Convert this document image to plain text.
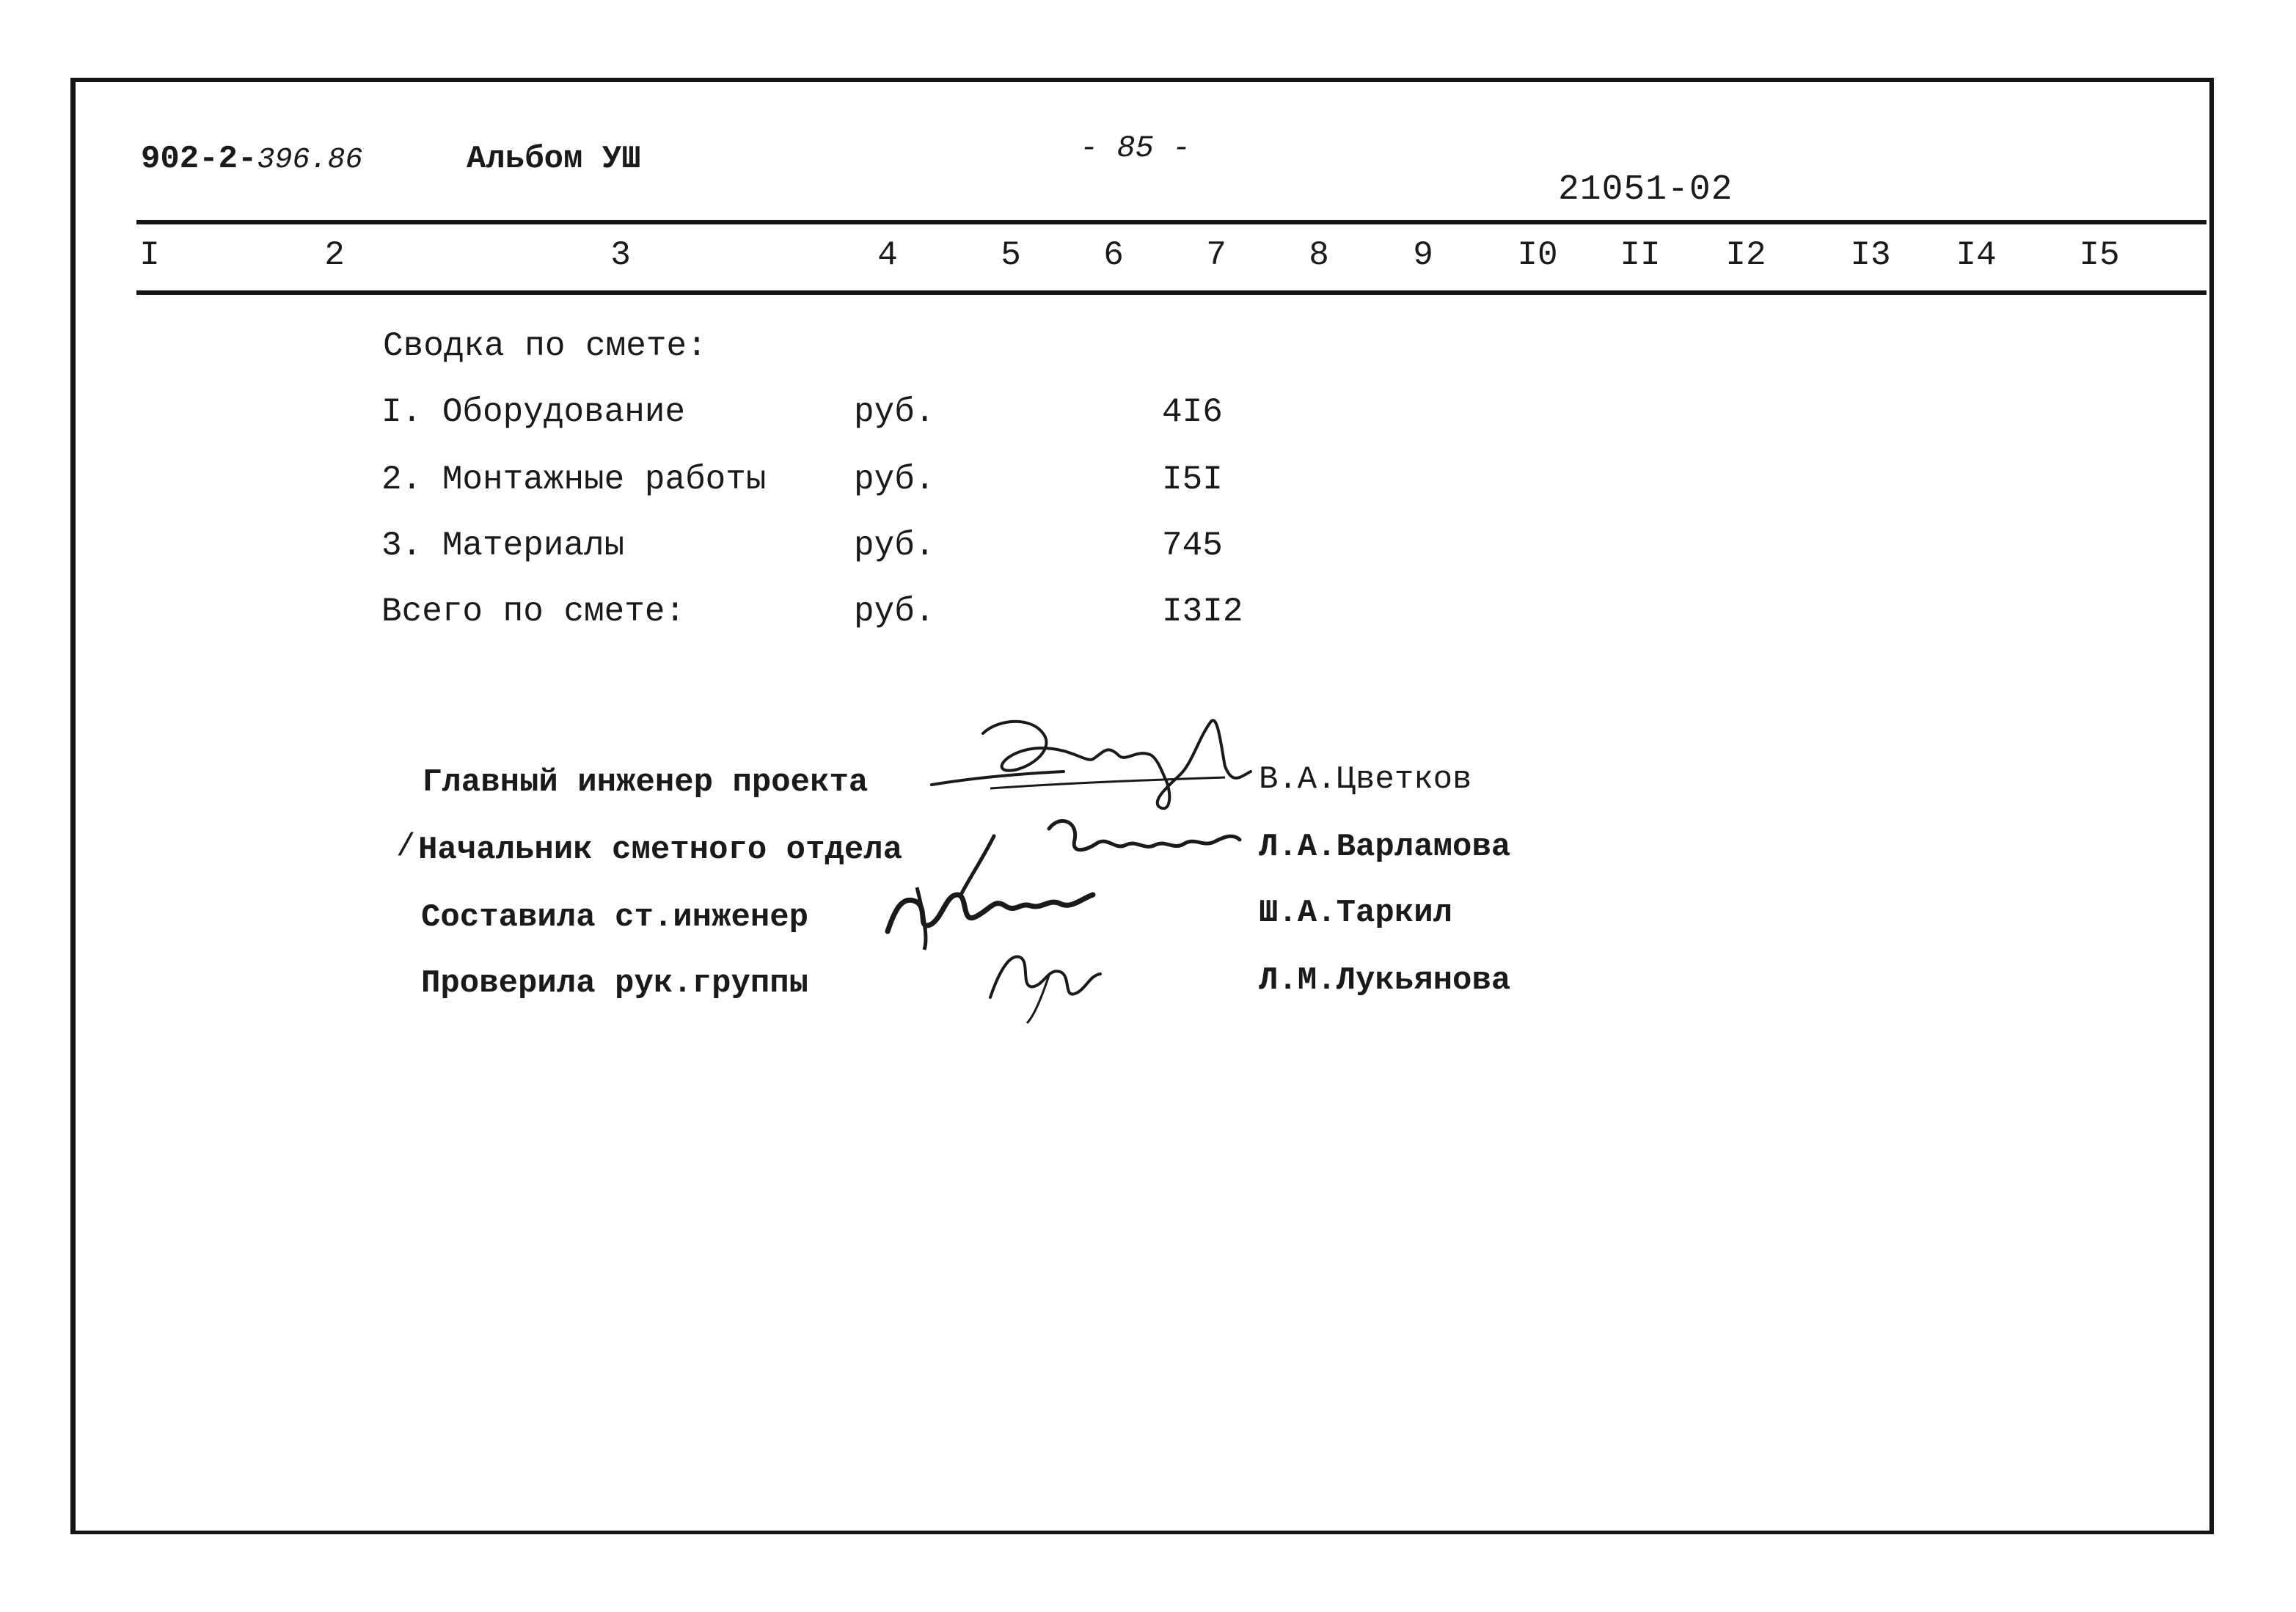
902-2-396.86	Альбом УШ	- 85 -
21051-02
I	2	3	4	5 6 7 8 9 I0 II I2 I3 I4 I5
Сводка по смете:
I. Оборудование	руб.	4I6
2. Монтажные работы	руб.	I5I
3. Материалы	руб.	745
Всего по смете:	руб.	I3I2
Главный инженер проекта	В.А.Цветков
/ Начальник сметного отдела	Л.А.Варламова
Составила ст.инженер	Ш.А.Таркил
Проверила рук.группы	Л.М.Лукьянова
